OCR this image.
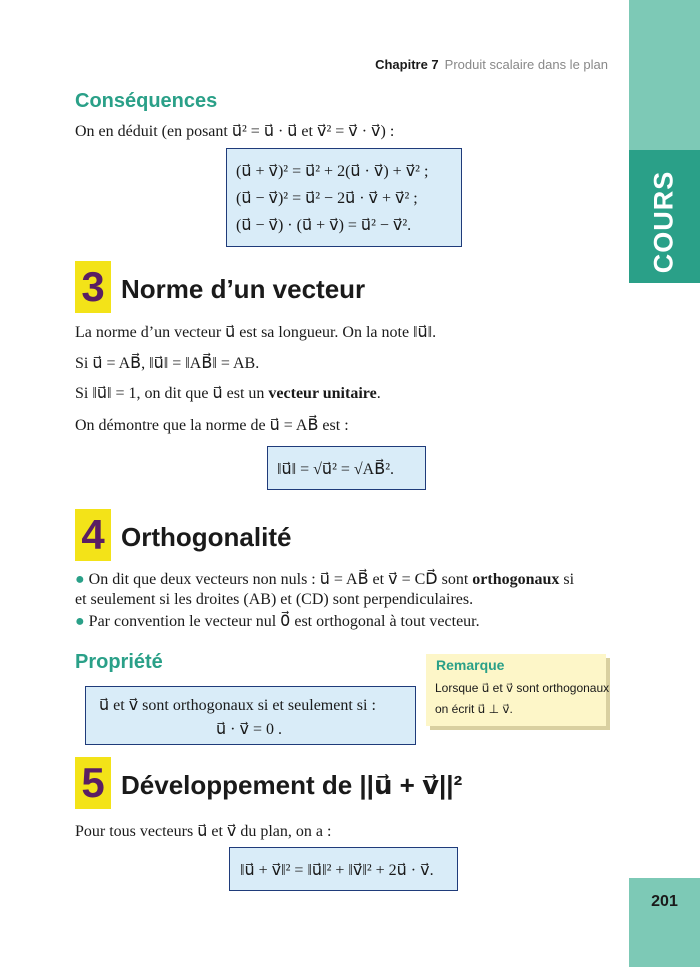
Chapitre 7 Produit scalaire dans le plan
COURS
201
Conséquences
On en déduit (en posant u⃗² = u⃗ · u⃗ et v⃗² = v⃗ · v⃗) :
(u⃗ + v⃗)² = u⃗² + 2(u⃗ · v⃗) + v⃗² ;
(u⃗ − v⃗)² = u⃗² − 2u⃗ · v⃗ + v⃗² ;
(u⃗ − v⃗) · (u⃗ + v⃗) = u⃗² − v⃗².
3 Norme d’un vecteur
La norme d’un vecteur u⃗ est sa longueur. On la note ‖u⃗‖.
Si u⃗ = AB⃗, ‖u⃗‖ = ‖AB⃗‖ = AB.
Si ‖u⃗‖ = 1, on dit que u⃗ est un vecteur unitaire.
On démontre que la norme de u⃗ = AB⃗ est :
‖u⃗‖ = √u⃗² = √AB⃗².
4 Orthogonalité
● On dit que deux vecteurs non nuls : u⃗ = AB⃗ et v⃗ = CD⃗ sont orthogonaux si
et seulement si les droites (AB) et (CD) sont perpendiculaires.
● Par convention le vecteur nul 0⃗ est orthogonal à tout vecteur.
Propriété
u⃗ et v⃗ sont orthogonaux si et seulement si :
u⃗ · v⃗ = 0 .
Remarque
Lorsque u⃗ et v⃗ sont orthogonaux
on écrit u⃗ ⊥ v⃗.
5 Développement de ||u⃗ + v⃗||²
Pour tous vecteurs u⃗ et v⃗ du plan, on a :
‖u⃗ + v⃗‖² = ‖u⃗‖² + ‖v⃗‖² + 2u⃗ · v⃗.
